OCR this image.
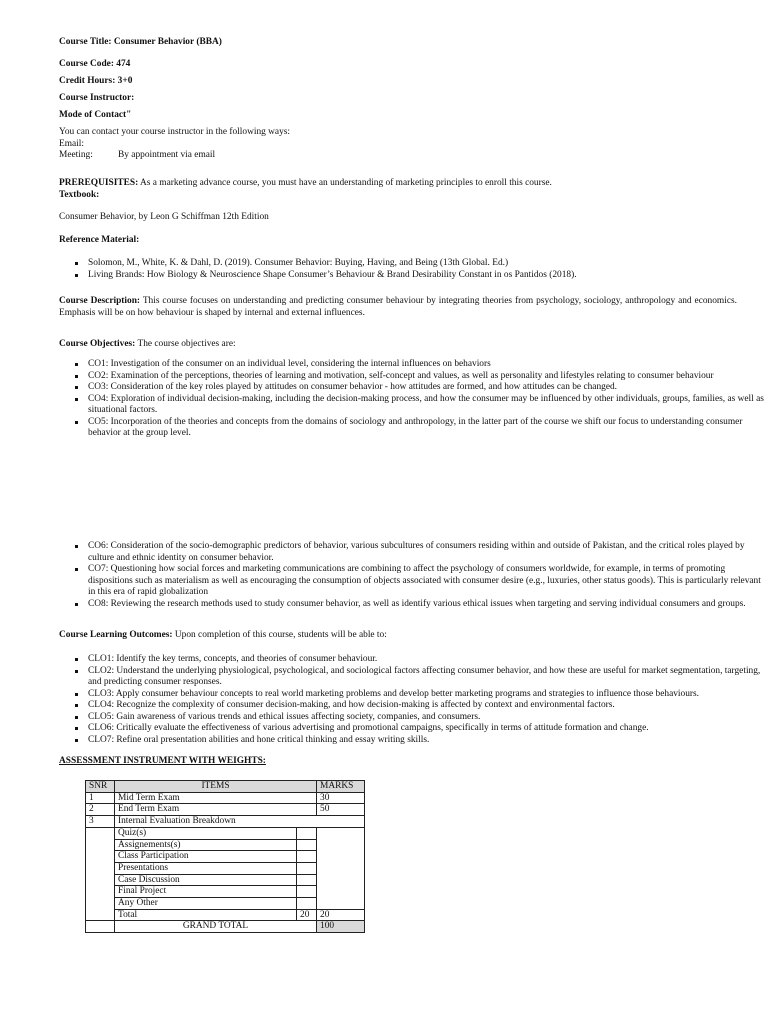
Course Title: Consumer Behavior (BBA)
Course Code: 474
Credit Hours: 3+0
Course Instructor:
Mode of Contact"
You can contact your course instructor in the following ways:
Email:
Meeting:	By appointment via email
PREREQUISITES: As a marketing advance course, you must have an understanding of marketing principles to enroll this course.
Textbook:
Consumer Behavior, by Leon G Schiffman 12th Edition
Reference Material:
Solomon, M., White, K. & Dahl, D. (2019). Consumer Behavior: Buying, Having, and Being (13th Global. Ed.)
Living Brands: How Biology & Neuroscience Shape Consumer’s Behaviour & Brand Desirability Constant in os Pantidos (2018).
Course Description: This course focuses on understanding and predicting consumer behaviour by integrating theories from psychology, sociology, anthropology and economics. Emphasis will be on how behaviour is shaped by internal and external influences.
Course Objectives: The course objectives are:
CO1: Investigation of the consumer on an individual level, considering the internal influences on behaviors
CO2: Examination of the perceptions, theories of learning and motivation, self-concept and values, as well as personality and lifestyles relating to consumer behaviour
CO3: Consideration of the key roles played by attitudes on consumer behavior - how attitudes are formed, and how attitudes can be changed.
CO4: Exploration of individual decision-making, including the decision-making process, and how the consumer may be influenced by other individuals, groups, families, as well as situational factors.
CO5: Incorporation of the theories and concepts from the domains of sociology and anthropology, in the latter part of the course we shift our focus to understanding consumer behavior at the group level.
CO6: Consideration of the socio-demographic predictors of behavior, various subcultures of consumers residing within and outside of Pakistan, and the critical roles played by culture and ethnic identity on consumer behavior.
CO7: Questioning how social forces and marketing communications are combining to affect the psychology of consumers worldwide, for example, in terms of promoting dispositions such as materialism as well as encouraging the consumption of objects associated with consumer desire (e.g., luxuries, other status goods). This is particularly relevant in this era of rapid globalization
CO8: Reviewing the research methods used to study consumer behavior, as well as identify various ethical issues when targeting and serving individual consumers and groups.
Course Learning Outcomes: Upon completion of this course, students will be able to:
CLO1: Identify the key terms, concepts, and theories of consumer behaviour.
CLO2: Understand the underlying physiological, psychological, and sociological factors affecting consumer behavior, and how these are useful for market segmentation, targeting, and predicting consumer responses.
CLO3: Apply consumer behaviour concepts to real world marketing problems and develop better marketing programs and strategies to influence those behaviours.
CLO4: Recognize the complexity of consumer decision-making, and how decision-making is affected by context and environmental factors.
CLO5: Gain awareness of various trends and ethical issues affecting society, companies, and consumers.
CLO6: Critically evaluate the effectiveness of various advertising and promotional campaigns, specifically in terms of attitude formation and change.
CLO7: Refine oral presentation abilities and hone critical thinking and essay writing skills.
ASSESSMENT INSTRUMENT WITH WEIGHTS:
SNR	ITEMS		MARKS
1	Mid Term Exam		30
2	End Term Exam		50
3	Internal Evaluation Breakdown		
	Quiz(s)		
	Assignements(s)		
	Class Participation		
	Presentations		
	Case Discussion		
	Final Project		
	Any Other		
	Total	20	20
	GRAND TOTAL		100
